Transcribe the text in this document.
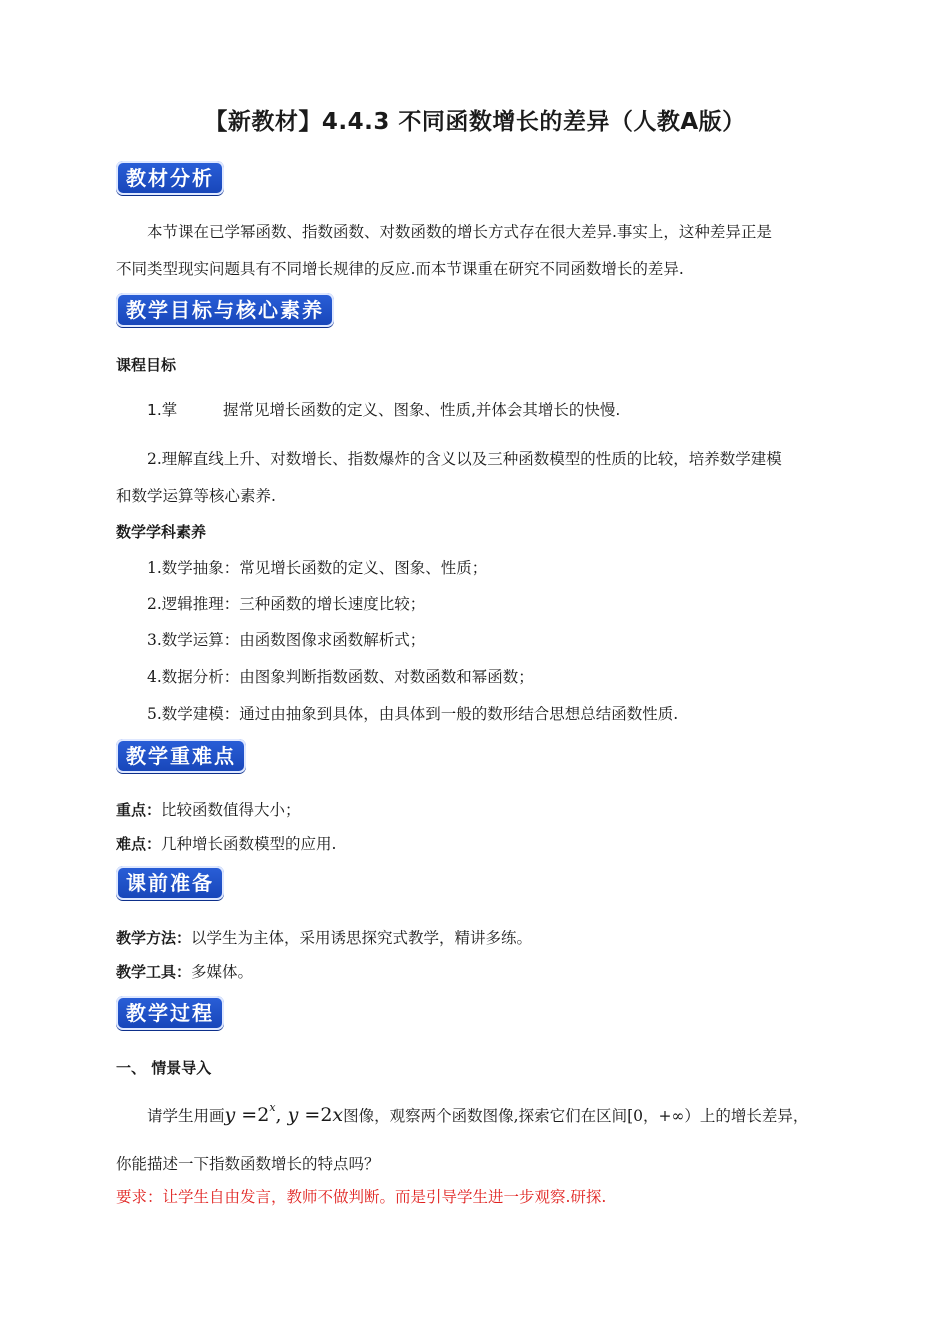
【新教材】4.4.3 不同函数增长的差异（人教A版）
教材分析
本节课在已学幂函数、指数函数、对数函数的增长方式存在很大差异.事实上，这种差异正是
不同类型现实问题具有不同增长规律的反应.而本节课重在研究不同函数增长的差异.
教学目标与核心素养
课程目标
1.掌	握常见增长函数的定义、图象、性质,并体会其增长的快慢.
2.理解直线上升、对数增长、指数爆炸的含义以及三种函数模型的性质的比较，培养数学建模
和数学运算等核心素养.
数学学科素养
1.数学抽象：常见增长函数的定义、图象、性质；
2.逻辑推理：三种函数的增长速度比较；
3.数学运算：由函数图像求函数解析式；
4.数据分析：由图象判断指数函数、对数函数和幂函数；
5.数学建模：通过由抽象到具体，由具体到一般的数形结合思想总结函数性质.
教学重难点
重点：比较函数值得大小；
难点：几种增长函数模型的应用.
课前准备
教学方法：以学生为主体，采用诱思探究式教学，精讲多练。
教学工具：多媒体。
教学过程
一、 情景导入
请学生用画$y =2^x$, y =2x图像，观察两个函数图像,探索它们在区间[0，+∞）上的增长差异，
你能描述一下指数函数增长的特点吗？
要求：让学生自由发言，教师不做判断。而是引导学生进一步观察.研探.
